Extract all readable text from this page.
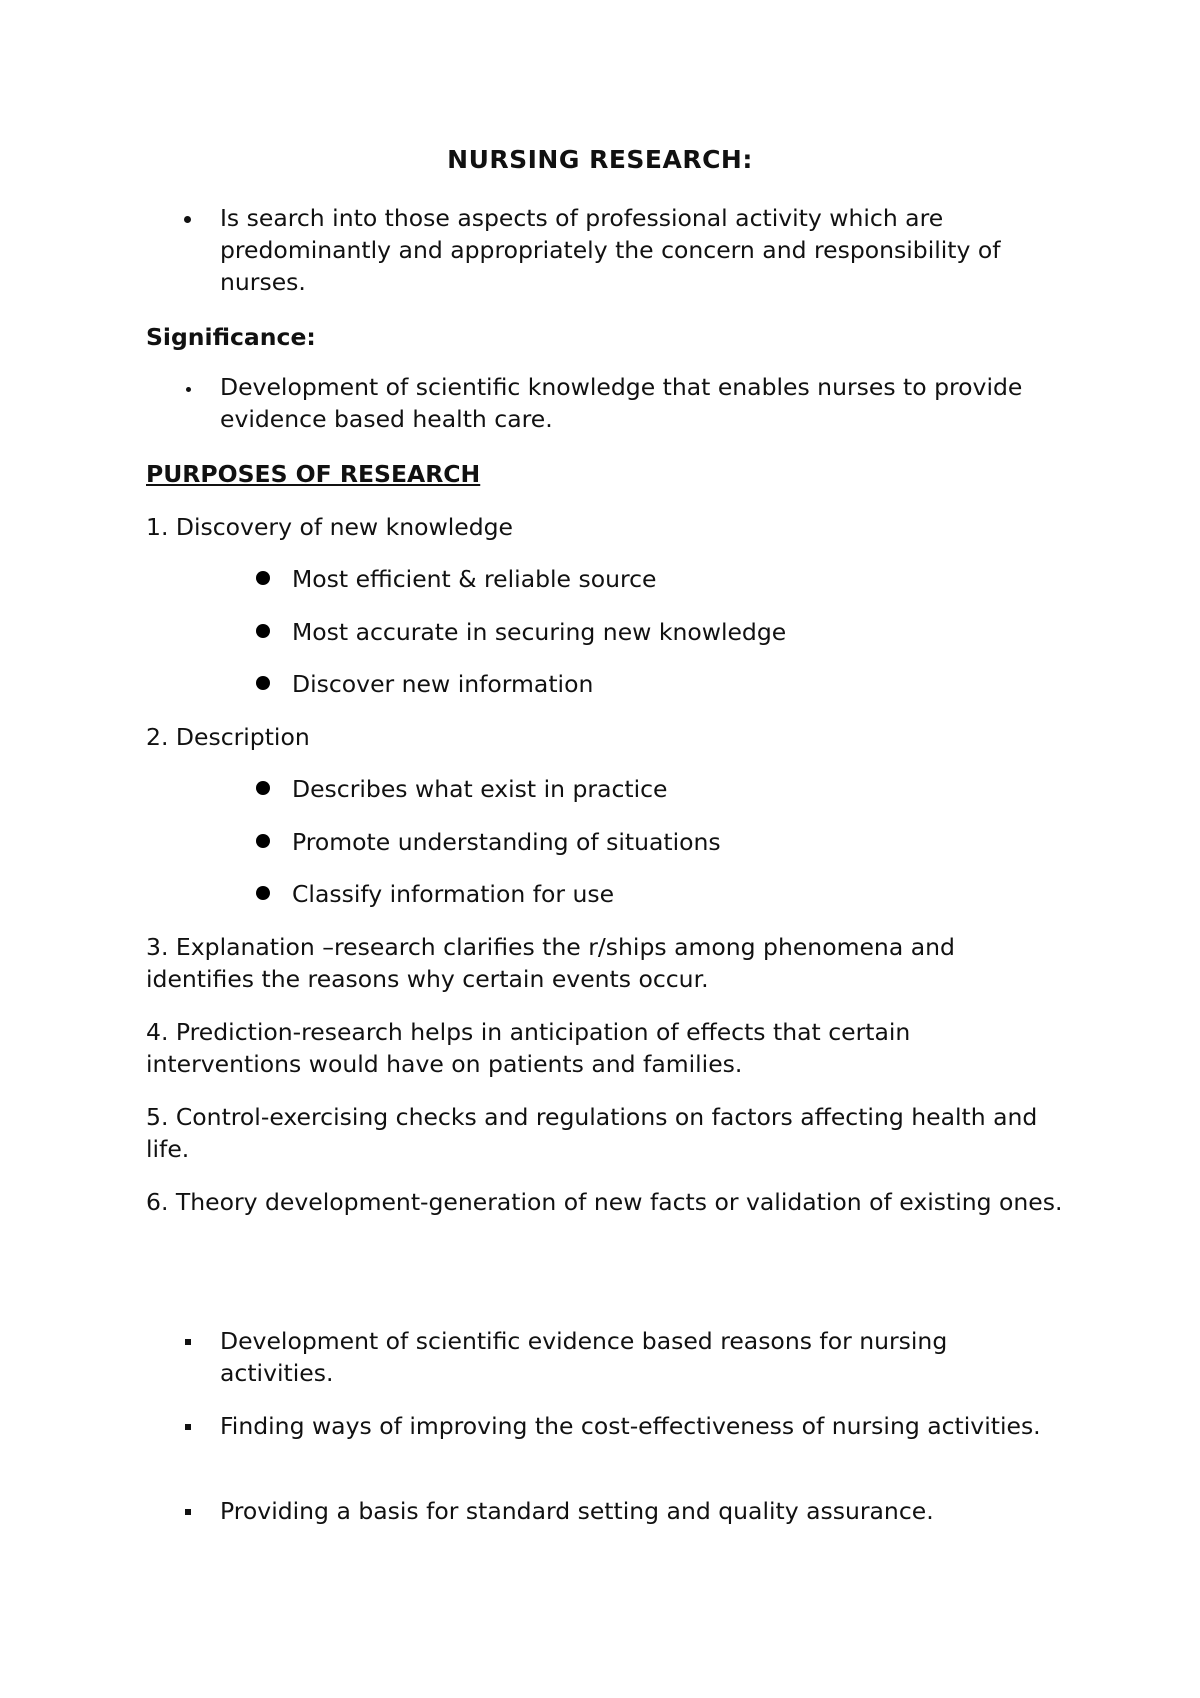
NURSING RESEARCH:
Is search into those aspects of professional activity which are predominantly and appropriately the concern and responsibility of nurses.
Significance:
Development of scientific knowledge that enables nurses to provide evidence based health care.
PURPOSES OF RESEARCH
1. Discovery of new knowledge
Most efficient & reliable source
Most accurate in securing new knowledge
Discover new information
2. Description
Describes what exist in practice
Promote understanding of situations
Classify information for use
3. Explanation –research clarifies the r/ships among phenomena and identifies the reasons why certain events occur.
4. Prediction-research helps in anticipation of effects that certain interventions would have on patients and families.
5. Control-exercising checks and regulations on factors affecting health and life.
6. Theory development-generation of new facts or validation of existing ones.
Development of scientific evidence based reasons for nursing activities.
Finding ways of improving the cost-effectiveness of nursing activities.
Providing a basis for standard setting and quality assurance.
